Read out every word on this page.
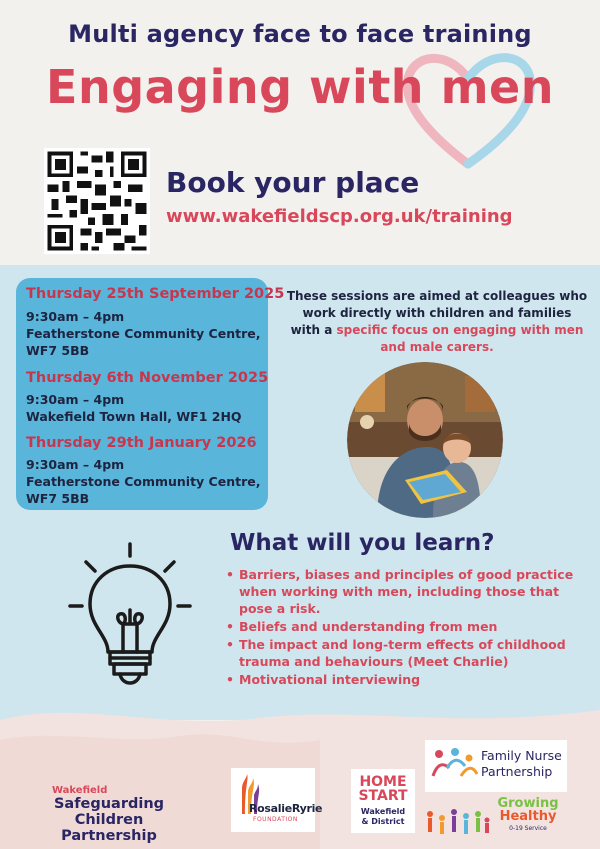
Multi agency face to face training
Engaging with men
Book your place
www.wakefieldscp.org.uk/training
Thursday 25th September 2025
9:30am – 4pm
Featherstone Community Centre,
WF7 5BB
Thursday 6th November 2025
9:30am – 4pm
Wakefield Town Hall, WF1 2HQ
Thursday 29th January 2026
9:30am – 4pm
Featherstone Community Centre,
WF7 5BB
These sessions are aimed at colleagues who work directly with children and families with a specific focus on engaging with men and male carers.
What will you learn?
• Barriers, biases and principles of good practice when working with men, including those that pose a risk.
• Beliefs and understanding from men
• The impact and long-term effects of childhood trauma and behaviours (Meet Charlie)
• Motivational interviewing
Wakefield
Safeguarding Children
Partnership
RosalieRyrie
FOUNDATION
HOME
START
Wakefield
& District
Family Nurse
Partnership
Growing
Healthy
0-19 Service
